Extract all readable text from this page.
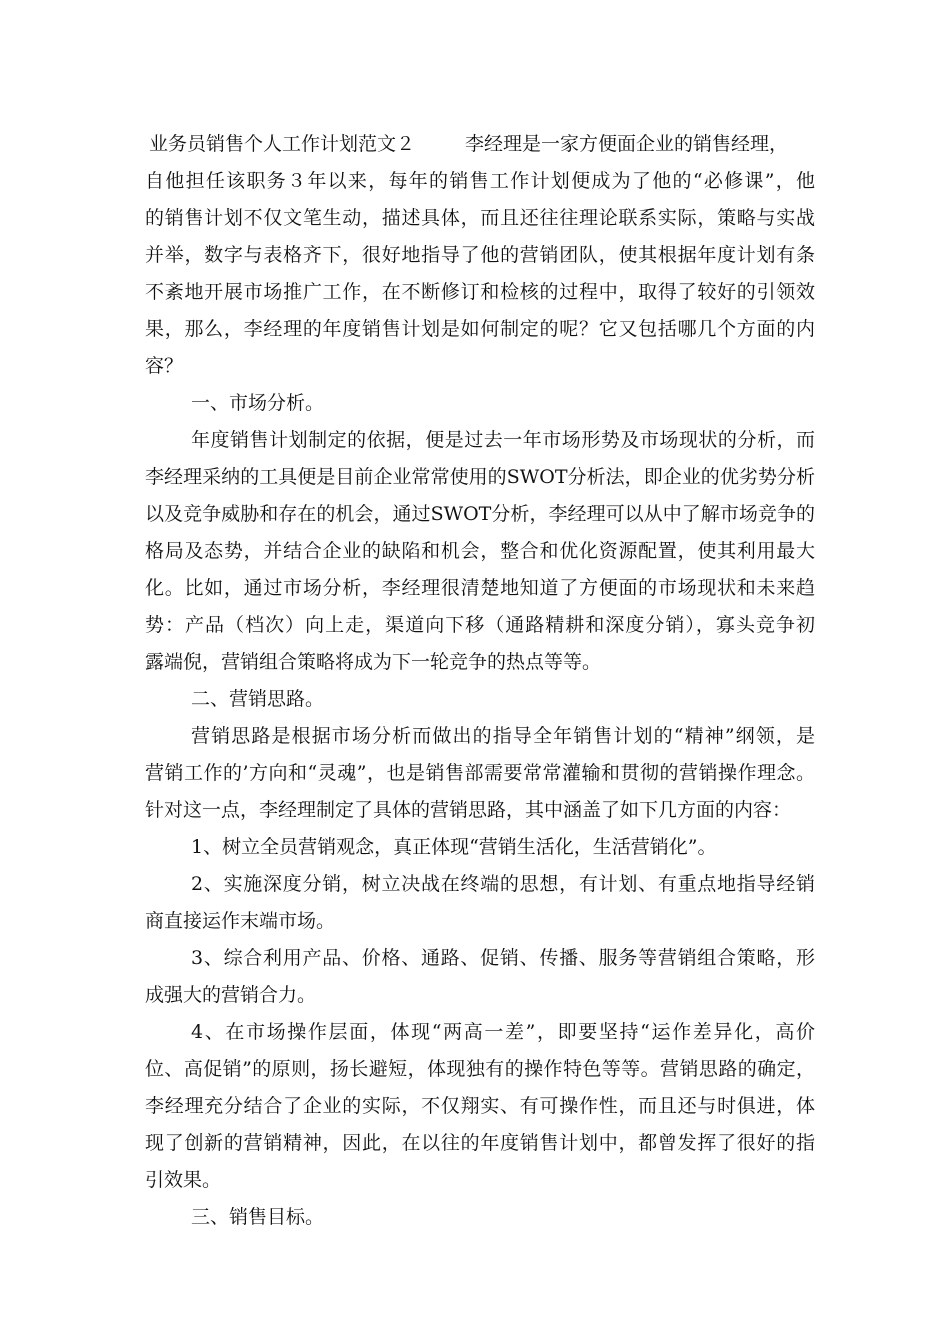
业务员销售个人工作计划范文２	李经理是一家方便面企业的销售经理，
自他担任该职务３年以来，每年的销售工作计划便成为了他的“必修课”，他
的销售计划不仅文笔生动，描述具体，而且还往往理论联系实际，策略与实战
并举，数字与表格齐下，很好地指导了他的营销团队，使其根据年度计划有条
不紊地开展市场推广工作，在不断修订和检核的过程中，取得了较好的引领效
果，那么，李经理的年度销售计划是如何制定的呢？它又包括哪几个方面的内
容？
一、市场分析。
年度销售计划制定的依据，便是过去一年市场形势及市场现状的分析，而
李经理采纳的工具便是目前企业常常使用的SWOT分析法，即企业的优劣势分析
以及竞争威胁和存在的机会，通过SWOT分析，李经理可以从中了解市场竞争的
格局及态势，并结合企业的缺陷和机会，整合和优化资源配置，使其利用最大
化。比如，通过市场分析，李经理很清楚地知道了方便面的市场现状和未来趋
势：产品（档次）向上走，渠道向下移（通路精耕和深度分销），寡头竞争初
露端倪，营销组合策略将成为下一轮竞争的热点等等。
二、营销思路。
营销思路是根据市场分析而做出的指导全年销售计划的“精神”纲领，是
营销工作的’方向和“灵魂”，也是销售部需要常常灌输和贯彻的营销操作理念。
针对这一点，李经理制定了具体的营销思路，其中涵盖了如下几方面的内容：
1、树立全员营销观念，真正体现“营销生活化，生活营销化”。
2、实施深度分销，树立决战在终端的思想，有计划、有重点地指导经销
商直接运作末端市场。
3、综合利用产品、价格、通路、促销、传播、服务等营销组合策略，形
成强大的营销合力。
4、在市场操作层面，体现“两高一差”，即要坚持“运作差异化，高价
位、高促销”的原则，扬长避短，体现独有的操作特色等等。营销思路的确定，
李经理充分结合了企业的实际，不仅翔实、有可操作性，而且还与时俱进，体
现了创新的营销精神，因此，在以往的年度销售计划中，都曾发挥了很好的指
引效果。
三、销售目标。
